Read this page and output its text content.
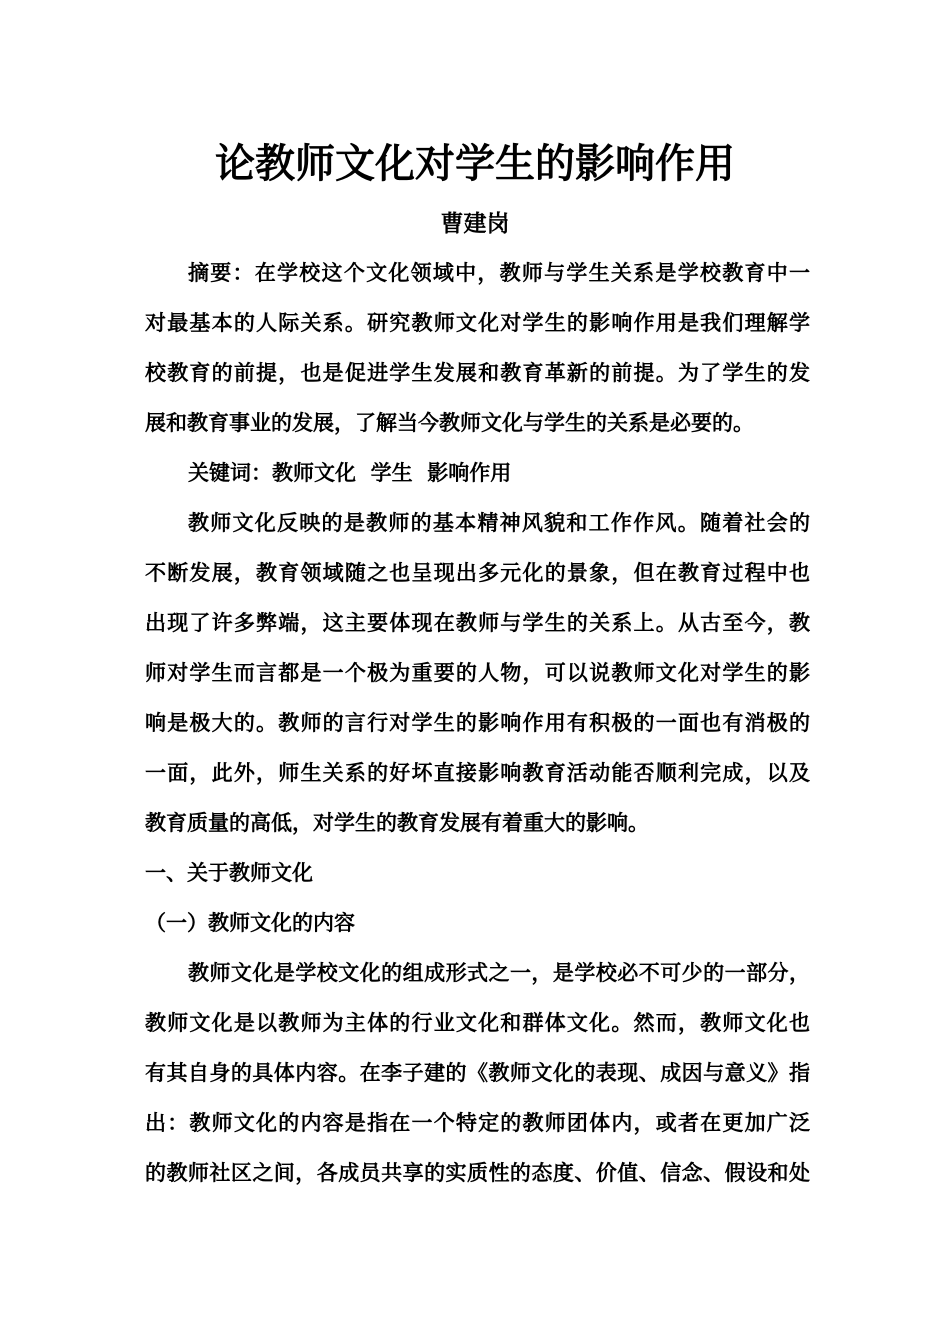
论教师文化对学生的影响作用
曹建岗
摘要：在学校这个文化领域中，教师与学生关系是学校教育中一
对最基本的人际关系。研究教师文化对学生的影响作用是我们理解学
校教育的前提，也是促进学生发展和教育革新的前提。为了学生的发
展和教育事业的发展，了解当今教师文化与学生的关系是必要的。
关键词：教师文化  学生  影响作用
教师文化反映的是教师的基本精神风貌和工作作风。随着社会的
不断发展，教育领域随之也呈现出多元化的景象，但在教育过程中也
出现了许多弊端，这主要体现在教师与学生的关系上。从古至今，教
师对学生而言都是一个极为重要的人物，可以说教师文化对学生的影
响是极大的。教师的言行对学生的影响作用有积极的一面也有消极的
一面，此外，师生关系的好坏直接影响教育活动能否顺利完成，以及
教育质量的高低，对学生的教育发展有着重大的影响。
一、关于教师文化
（一）教师文化的内容
教师文化是学校文化的组成形式之一，是学校必不可少的一部分，
教师文化是以教师为主体的行业文化和群体文化。然而，教师文化也
有其自身的具体内容。在李子建的《教师文化的表现、成因与意义》指
出：教师文化的内容是指在一个特定的教师团体内，或者在更加广泛
的教师社区之间，各成员共享的实质性的态度、价值、信念、假设和处
